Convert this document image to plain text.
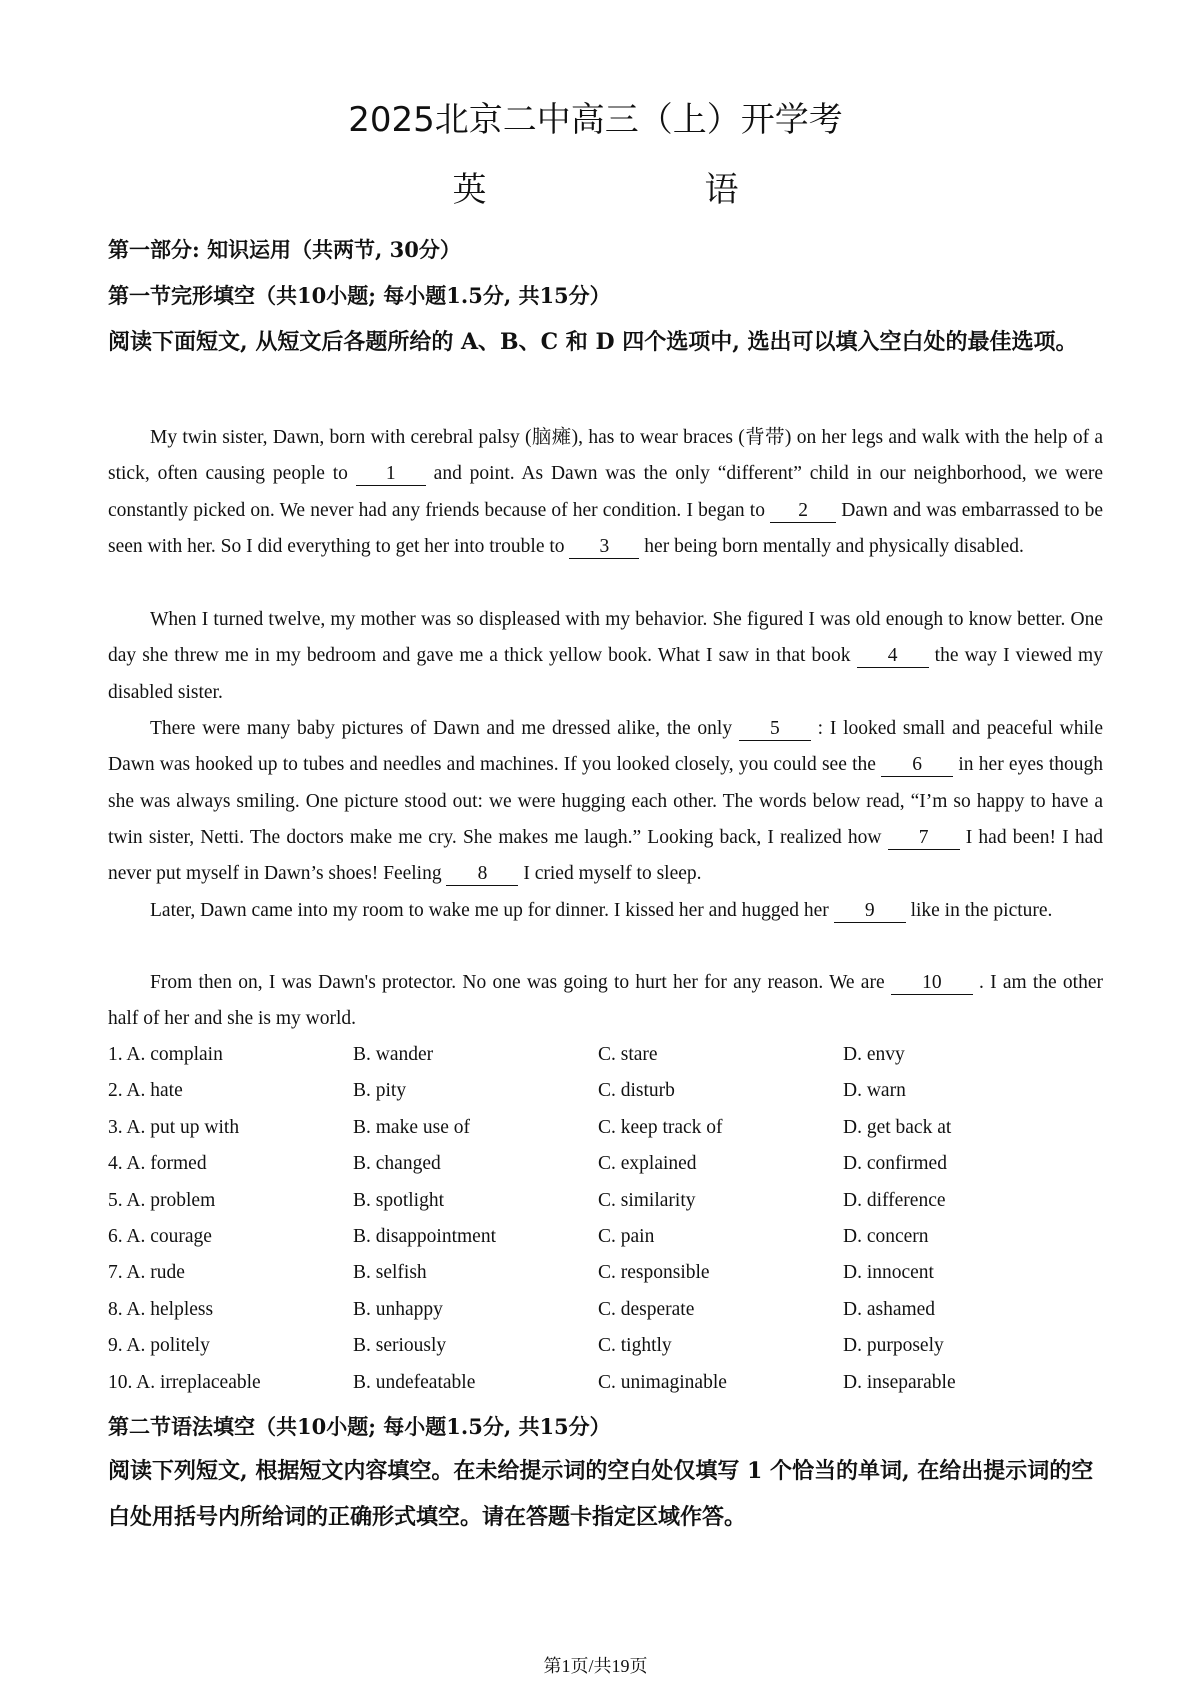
2025北京二中高三（上）开学考
英　　语
第一部分: 知识运用（共两节, 30分）
第一节完形填空（共10小题; 每小题1.5分, 共15分）
阅读下面短文, 从短文后各题所给的 A、B、C 和 D 四个选项中, 选出可以填入空白处的最佳选项。
My twin sister, Dawn, born with cerebral palsy (脑瘫), has to wear braces (背带) on her legs and walk with the help of a stick, often causing people to 1 and point. As Dawn was the only “different” child in our neighborhood, we were constantly picked on. We never had any friends because of her condition. I began to 2 Dawn and was embarrassed to be seen with her. So I did everything to get her into trouble to 3 her being born mentally and physically disabled.
When I turned twelve, my mother was so displeased with my behavior. She figured I was old enough to know better. One day she threw me in my bedroom and gave me a thick yellow book. What I saw in that book 4 the way I viewed my disabled sister.
There were many baby pictures of Dawn and me dressed alike, the only 5 : I looked small and peaceful while Dawn was hooked up to tubes and needles and machines. If you looked closely, you could see the 6 in her eyes though she was always smiling. One picture stood out: we were hugging each other. The words below read, “I’m so happy to have a twin sister, Netti. The doctors make me cry. She makes me laugh.” Looking back, I realized how 7 I had been! I had never put myself in Dawn’s shoes! Feeling 8 I cried myself to sleep.
Later, Dawn came into my room to wake me up for dinner. I kissed her and hugged her 9 like in the picture.
From then on, I was Dawn's protector. No one was going to hurt her for any reason. We are 10 . I am the other half of her and she is my world.
1. A. complain	B. wander	C. stare	D. envy
2. A. hate	B. pity	C. disturb	D. warn
3. A. put up with	B. make use of	C. keep track of	D. get back at
4. A. formed	B. changed	C. explained	D. confirmed
5. A. problem	B. spotlight	C. similarity	D. difference
6. A. courage	B. disappointment	C. pain	D. concern
7. A. rude	B. selfish	C. responsible	D. innocent
8. A. helpless	B. unhappy	C. desperate	D. ashamed
9. A. politely	B. seriously	C. tightly	D. purposely
10. A. irreplaceable	B. undefeatable	C. unimaginable	D. inseparable
第二节语法填空（共10小题; 每小题1.5分, 共15分）
阅读下列短文, 根据短文内容填空。在未给提示词的空白处仅填写 1 个恰当的单词, 在给出提示词的空白处用括号内所给词的正确形式填空。请在答题卡指定区域作答。
第1页/共19页
